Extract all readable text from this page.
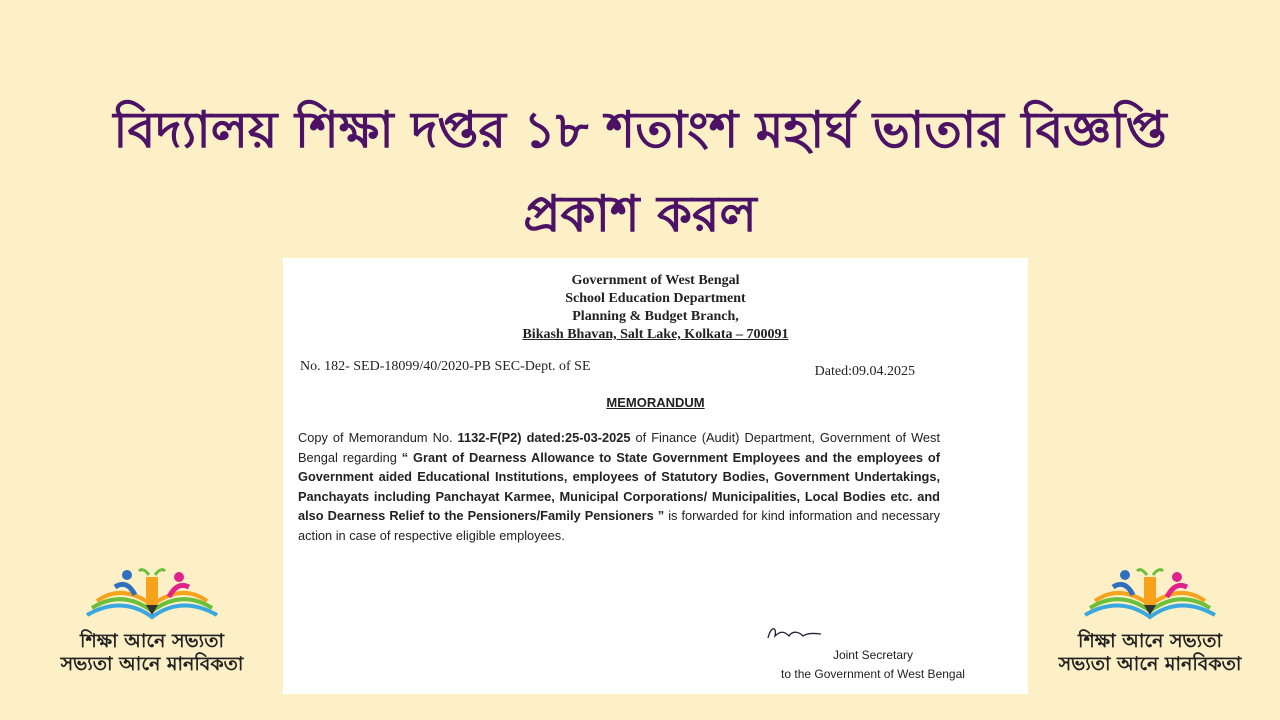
বিদ্যালয় শিক্ষা দপ্তর ১৮ শতাংশ মহার্ঘ ভাতার বিজ্ঞপ্তি
প্রকাশ করল
Government of West Bengal
School Education Department
Planning & Budget Branch,
Bikash Bhavan, Salt Lake, Kolkata – 700091
No. 182- SED-18099/40/2020-PB SEC-Dept. of SE	Dated:09.04.2025
MEMORANDUM
Copy of Memorandum No. 1132-F(P2) dated:25-03-2025 of Finance (Audit) Department, Government of West Bengal regarding “ Grant of Dearness Allowance to State Government Employees and the employees of Government aided Educational Institutions, employees of Statutory Bodies, Government Undertakings, Panchayats including Panchayat Karmee, Municipal Corporations/ Municipalities, Local Bodies etc. and also Dearness Relief to the Pensioners/Family Pensioners ” is forwarded for kind information and necessary action in case of respective eligible employees.
Joint Secretary
to the Government of West Bengal
শিক্ষা আনে সভ্যতা
সভ্যতা আনে মানবিকতা
শিক্ষা আনে সভ্যতা
সভ্যতা আনে মানবিকতা
